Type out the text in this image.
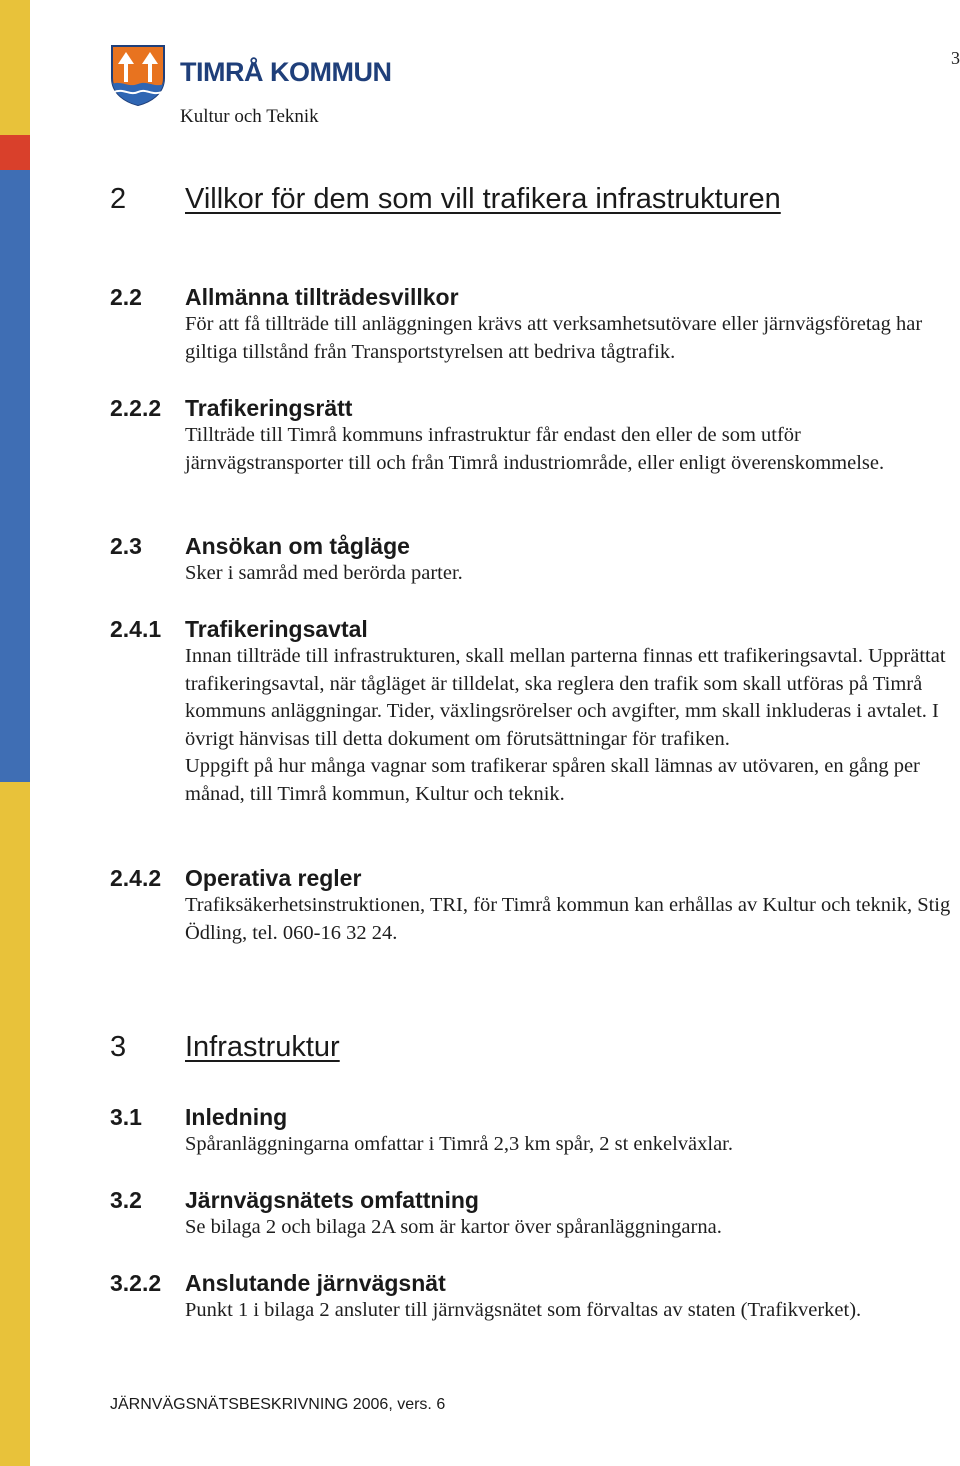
3
TIMRÅ KOMMUN
Kultur och Teknik
2 Villkor för dem som vill trafikera infrastrukturen
2.2 Allmänna tillträdesvillkor
För att få tillträde till anläggningen krävs att verksamhetsutövare eller järnvägsföretag har giltiga tillstånd från Transportstyrelsen att bedriva tågtrafik.
2.2.2 Trafikeringsrätt
Tillträde till Timrå kommuns infrastruktur får endast den eller de som utför järnvägstransporter till och från Timrå industriområde, eller enligt överenskommelse.
2.3 Ansökan om tågläge
Sker i samråd med berörda parter.
2.4.1 Trafikeringsavtal

Innan tillträde till infrastrukturen, skall mellan parterna finnas ett trafikeringsavtal. Upprättat trafikeringsavtal, när tågläget är tilldelat, ska reglera den trafik som skall utföras på Timrå kommuns anläggningar. Tider, växlingsrörelser och avgifter, mm skall inkluderas i avtalet. I övrigt hänvisas till detta dokument om förutsättningar för trafiken.

Uppgift på hur många vagnar som trafikerar spåren skall lämnas av utövaren, en gång per månad, till Timrå kommun, Kultur och teknik.

2.4.2 Operativa regler
Trafiksäkerhetsinstruktionen, TRI, för Timrå kommun kan erhållas av Kultur och teknik, Stig Ödling, tel. 060-16 32 24.
3 Infrastruktur
3.1 Inledning
Spåranläggningarna omfattar i Timrå 2,3 km spår, 2 st enkelväxlar.
3.2 Järnvägsnätets omfattning
Se bilaga 2 och bilaga 2A som är kartor över spåranläggningarna.
3.2.2 Anslutande järnvägsnät
Punkt 1 i bilaga 2 ansluter till järnvägsnätet som förvaltas av staten (Trafikverket).
JÄRNVÄGSNÄTSBESKRIVNING 2006, vers. 6
